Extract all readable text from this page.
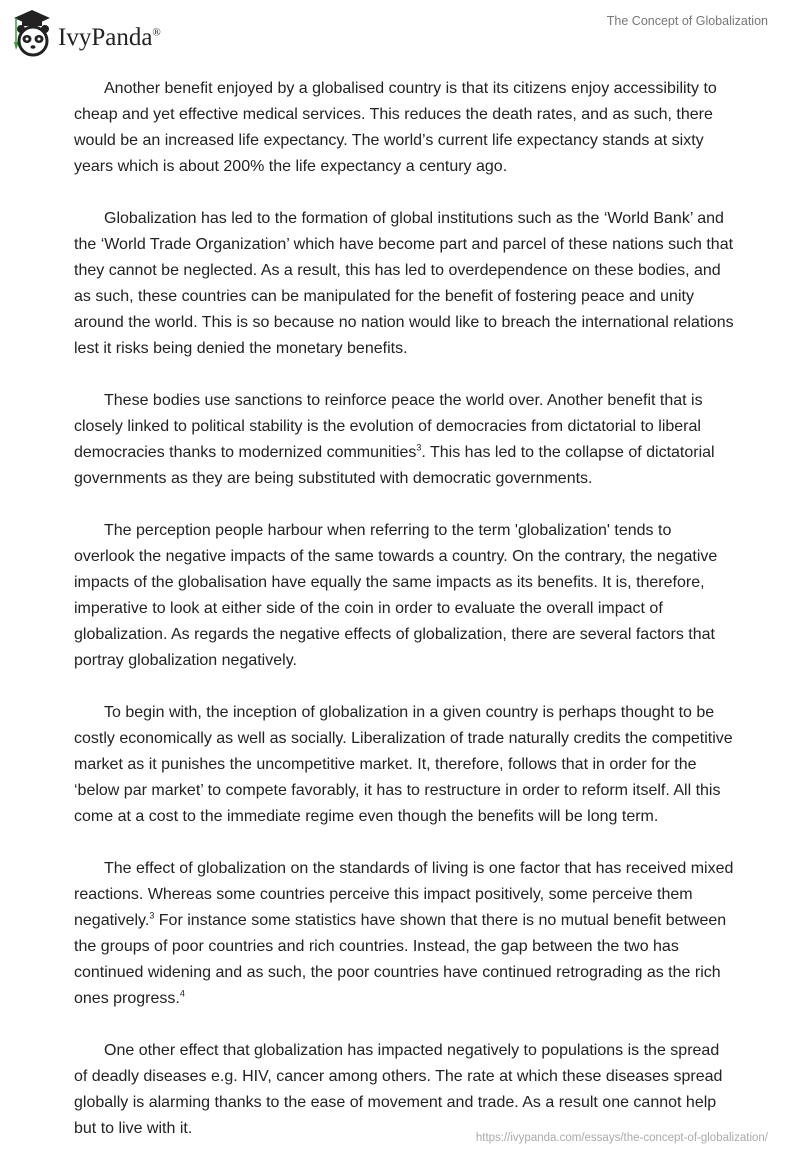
IvyPanda®
The Concept of Globalization

Another benefit enjoyed by a globalised country is that its citizens enjoy accessibility to cheap and yet effective medical services. This reduces the death rates, and as such, there would be an increased life expectancy. The world’s current life expectancy stands at sixty years which is about 200% the life expectancy a century ago.

Globalization has led to the formation of global institutions such as the ‘World Bank’ and the ‘World Trade Organization’ which have become part and parcel of these nations such that they cannot be neglected. As a result, this has led to overdependence on these bodies, and as such, these countries can be manipulated for the benefit of fostering peace and unity around the world. This is so because no nation would like to breach the international relations lest it risks being denied the monetary benefits.

These bodies use sanctions to reinforce peace the world over. Another benefit that is closely linked to political stability is the evolution of democracies from dictatorial to liberal democracies thanks to modernized communities$^3$. This has led to the collapse of dictatorial governments as they are being substituted with democratic governments.

The perception people harbour when referring to the term 'globalization' tends to overlook the negative impacts of the same towards a country. On the contrary, the negative impacts of the globalisation have equally the same impacts as its benefits. It is, therefore, imperative to look at either side of the coin in order to evaluate the overall impact of globalization. As regards the negative effects of globalization, there are several factors that portray globalization negatively.

To begin with, the inception of globalization in a given country is perhaps thought to be costly economically as well as socially. Liberalization of trade naturally credits the competitive market as it punishes the uncompetitive market. It, therefore, follows that in order for the ‘below par market’ to compete favorably, it has to restructure in order to reform itself. All this come at a cost to the immediate regime even though the benefits will be long term.

The effect of globalization on the standards of living is one factor that has received mixed reactions. Whereas some countries perceive this impact positively, some perceive them negatively.$^3$ For instance some statistics have shown that there is no mutual benefit between the groups of poor countries and rich countries. Instead, the gap between the two has continued widening and as such, the poor countries have continued retrograding as the rich ones progress.$^4$

One other effect that globalization has impacted negatively to populations is the spread of deadly diseases e.g. HIV, cancer among others. The rate at which these diseases spread globally is alarming thanks to the ease of movement and trade. As a result one cannot help but to live with it.

https://ivypanda.com/essays/the-concept-of-globalization/
